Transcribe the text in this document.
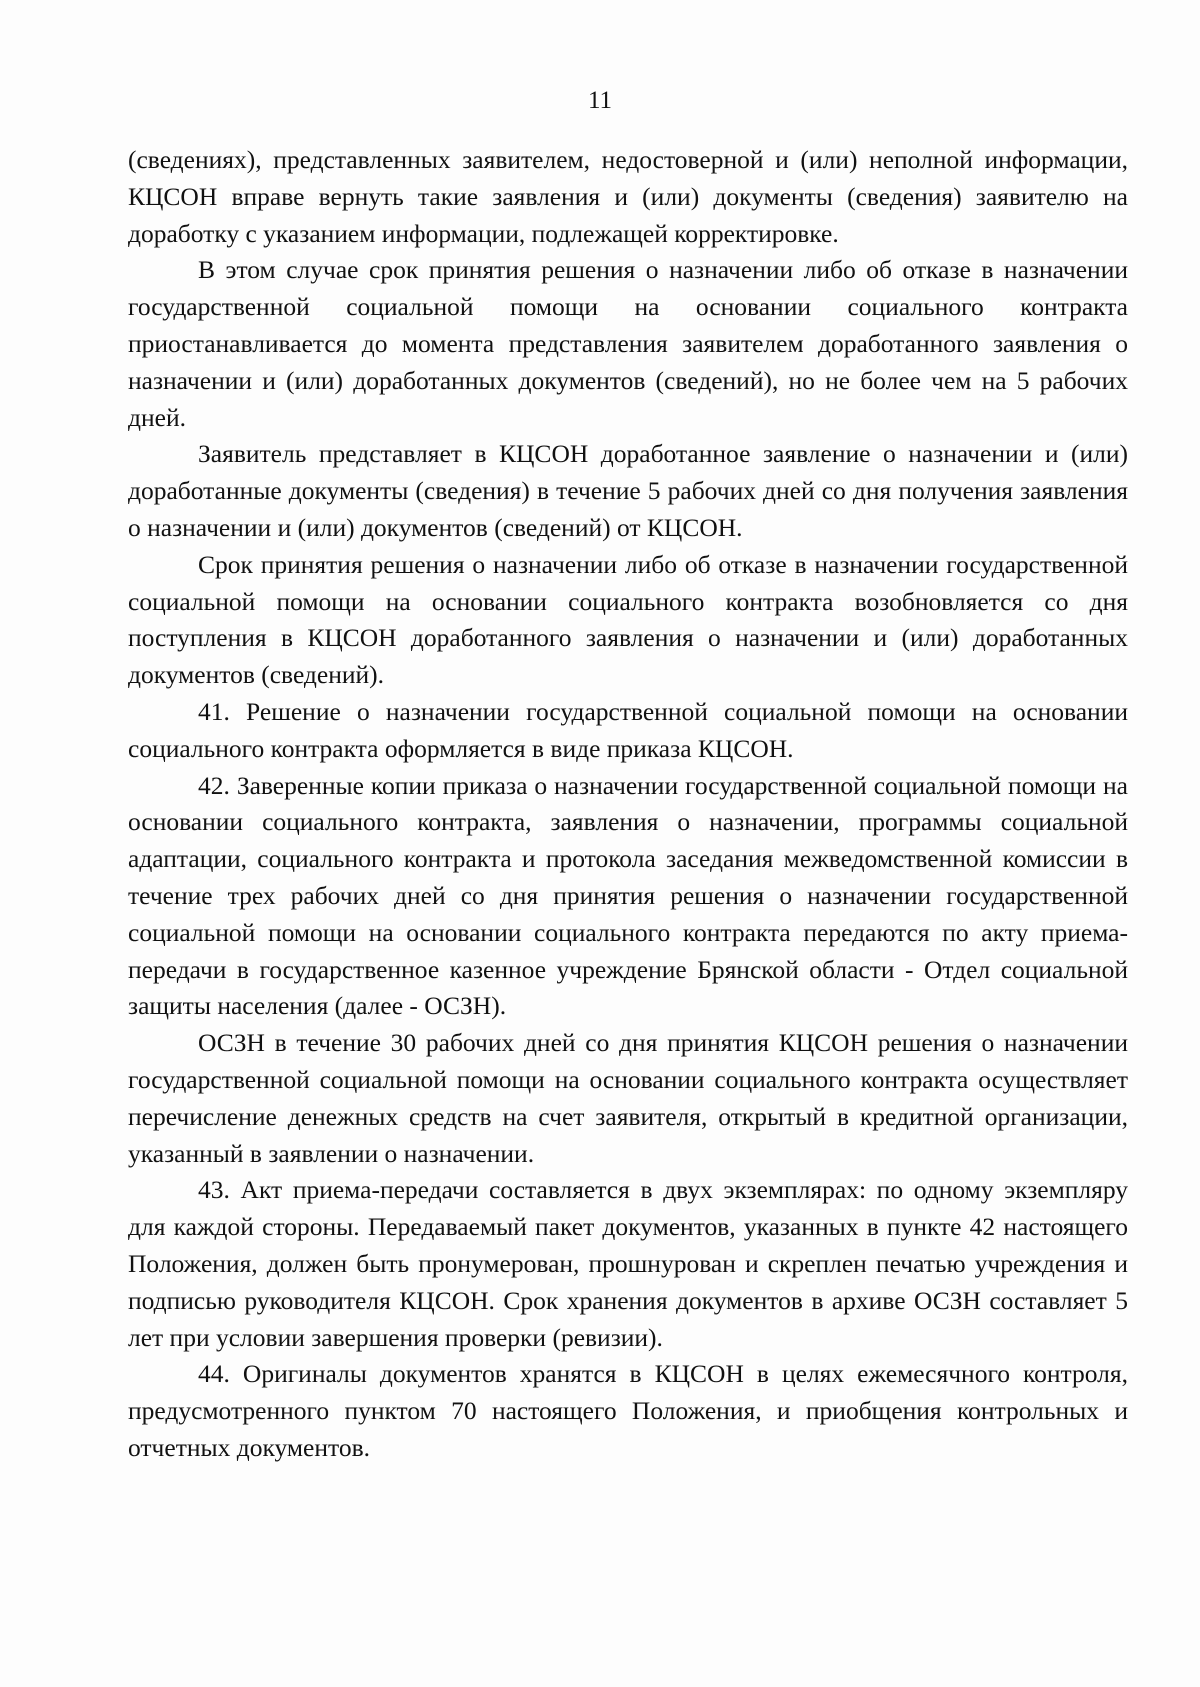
11

(сведениях), представленных заявителем, недостоверной и (или) неполной информации, КЦСОН вправе вернуть такие заявления и (или) документы (сведения) заявителю на доработку с указанием информации, подлежащей корректировке.

В этом случае срок принятия решения о назначении либо об отказе в назначении государственной социальной помощи на основании социального контракта приостанавливается до момента представления заявителем доработанного заявления о назначении и (или) доработанных документов (сведений), но не более чем на 5 рабочих дней.

Заявитель представляет в КЦСОН доработанное заявление о назначении и (или) доработанные документы (сведения) в течение 5 рабочих дней со дня получения заявления о назначении и (или) документов (сведений) от КЦСОН.

Срок принятия решения о назначении либо об отказе в назначении государственной социальной помощи на основании социального контракта возобновляется со дня поступления в КЦСОН доработанного заявления о назначении и (или) доработанных документов (сведений).

41. Решение о назначении государственной социальной помощи на основании социального контракта оформляется в виде приказа КЦСОН.

42. Заверенные копии приказа о назначении государственной социальной помощи на основании социального контракта, заявления о назначении, программы социальной адаптации, социального контракта и протокола заседания межведомственной комиссии в течение трех рабочих дней со дня принятия решения о назначении государственной социальной помощи на основании социального контракта передаются по акту приема-передачи в государственное казенное учреждение Брянской области - Отдел социальной защиты населения (далее - ОСЗН).

ОСЗН в течение 30 рабочих дней со дня принятия КЦСОН решения о назначении государственной социальной помощи на основании социального контракта осуществляет перечисление денежных средств на счет заявителя, открытый в кредитной организации, указанный в заявлении о назначении.

43. Акт приема-передачи составляется в двух экземплярах: по одному экземпляру для каждой стороны. Передаваемый пакет документов, указанных в пункте 42 настоящего Положения, должен быть пронумерован, прошнурован и скреплен печатью учреждения и подписью руководителя КЦСОН. Срок хранения документов в архиве ОСЗН составляет 5 лет при условии завершения проверки (ревизии).

44. Оригиналы документов хранятся в КЦСОН в целях ежемесячного контроля, предусмотренного пунктом 70 настоящего Положения, и приобщения контрольных и отчетных документов.
